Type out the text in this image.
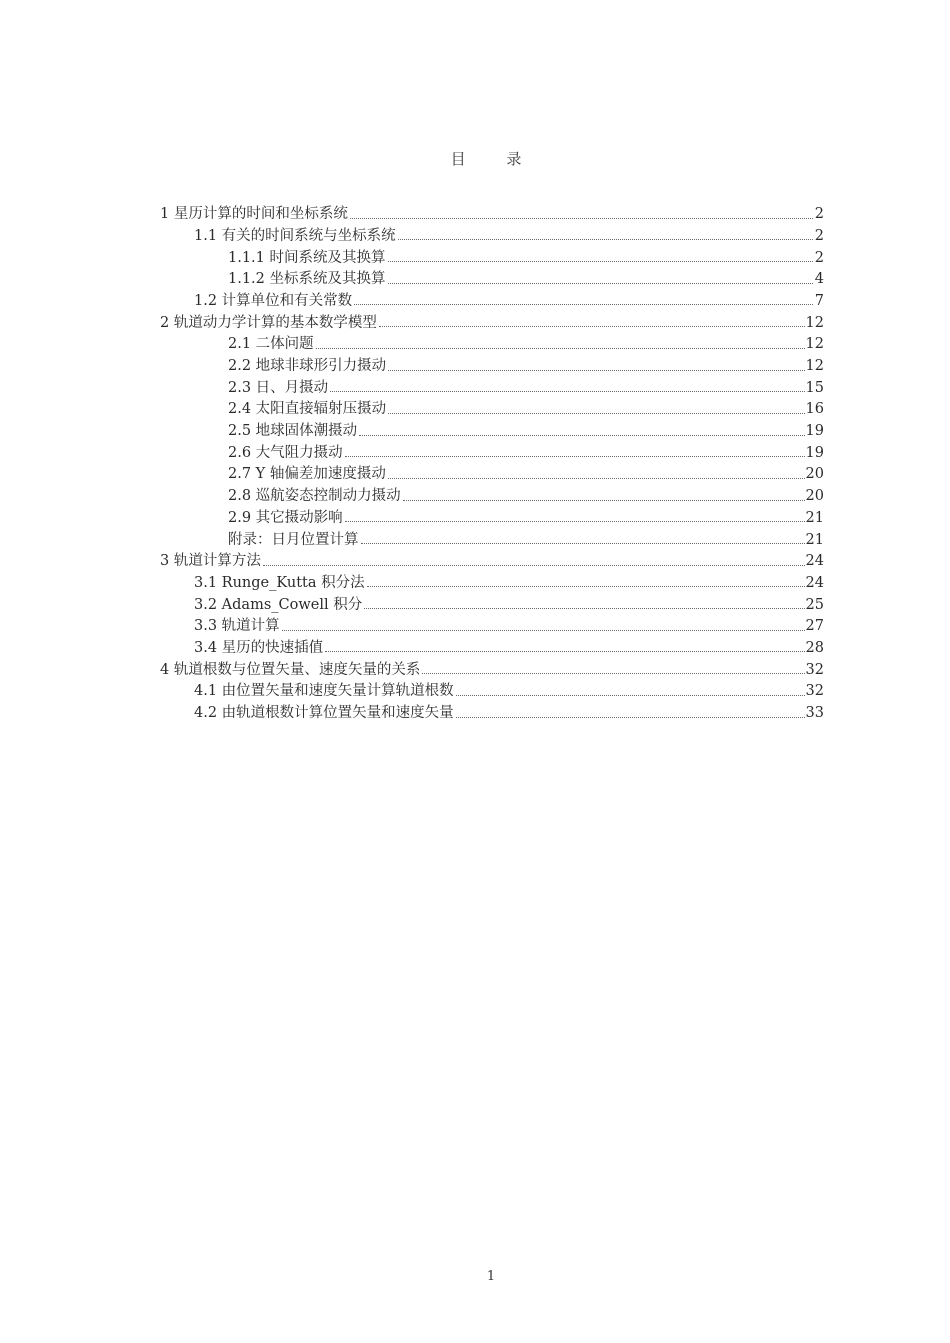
目 录
1 星历计算的时间和坐标系统	2
1.1 有关的时间系统与坐标系统	2
1.1.1 时间系统及其换算	2
1.1.2 坐标系统及其换算	4
1.2 计算单位和有关常数	7
2 轨道动力学计算的基本数学模型	12
2.1 二体问题	12
2.2 地球非球形引力摄动	12
2.3 日、月摄动	15
2.4 太阳直接辐射压摄动	16
2.5 地球固体潮摄动	19
2.6 大气阻力摄动	19
2.7 Y 轴偏差加速度摄动	20
2.8 巡航姿态控制动力摄动	20
2.9 其它摄动影响	21
附录：日月位置计算	21
3 轨道计算方法	24
3.1 Runge_Kutta 积分法	24
3.2 Adams_Cowell 积分	25
3.3 轨道计算	27
3.4 星历的快速插值	28
4 轨道根数与位置矢量、速度矢量的关系	32
4.1 由位置矢量和速度矢量计算轨道根数	32
4.2 由轨道根数计算位置矢量和速度矢量	33
1
